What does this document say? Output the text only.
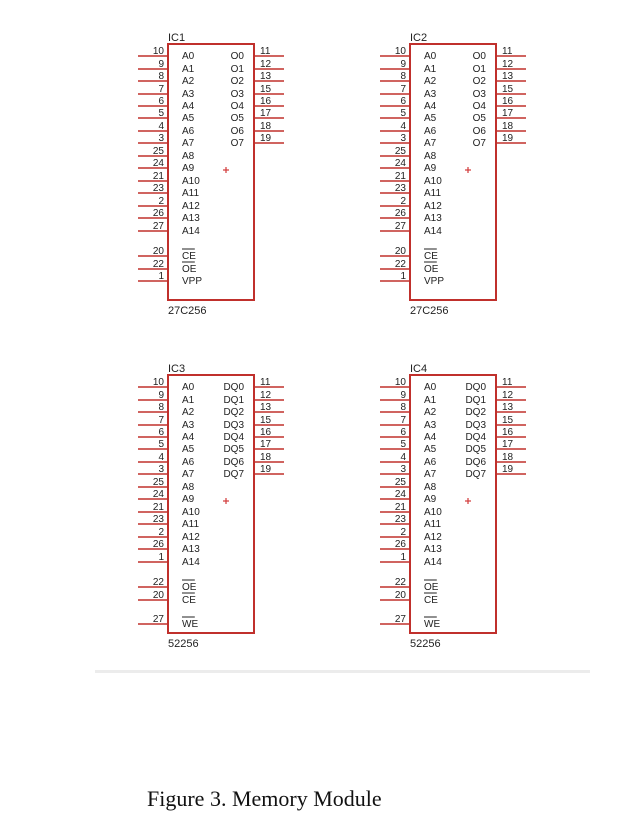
IC1
27C256
10 A0
9 A1
8 A2
7 A3
6 A4
5 A5
4 A6
3 A7
25 A8
24 A9
21 A10
23 A11
2 A12
26 A13
27 A14
20 CE
22 OE
1 VPP
11
O0
12
O1
13
O2
15
O3
16
O4
17
O5
18
O6
19
O7
IC2
27C256
10 A0
9 A1
8 A2
7 A3
6 A4
5 A5
4 A6
3 A7
25 A8
24 A9
21 A10
23 A11
2 A12
26 A13
27 A14
20 CE
22 OE
1 VPP
11
O0
12
O1
13
O2
15
O3
16
O4
17
O5
18
O6
19
O7
IC3
52256
10 A0
9 A1
8 A2
7 A3
6 A4
5 A5
4 A6
3 A7
25 A8
24 A9
21 A10
23 A11
2 A12
26 A13
1 A14
22 OE
20 CE
27 WE
11
DQ0
12
DQ1
13
DQ2
15
DQ3
16
DQ4
17
DQ5
18
DQ6
19
DQ7
IC4
52256
10 A0
9 A1
8 A2
7 A3
6 A4
5 A5
4 A6
3 A7
25 A8
24 A9
21 A10
23 A11
2 A12
26 A13
1 A14
22 OE
20 CE
27 WE
11
DQ0
12
DQ1
13
DQ2
15
DQ3
16
DQ4
17
DQ5
18
DQ6
19
DQ7
Figure 3. Memory Module
